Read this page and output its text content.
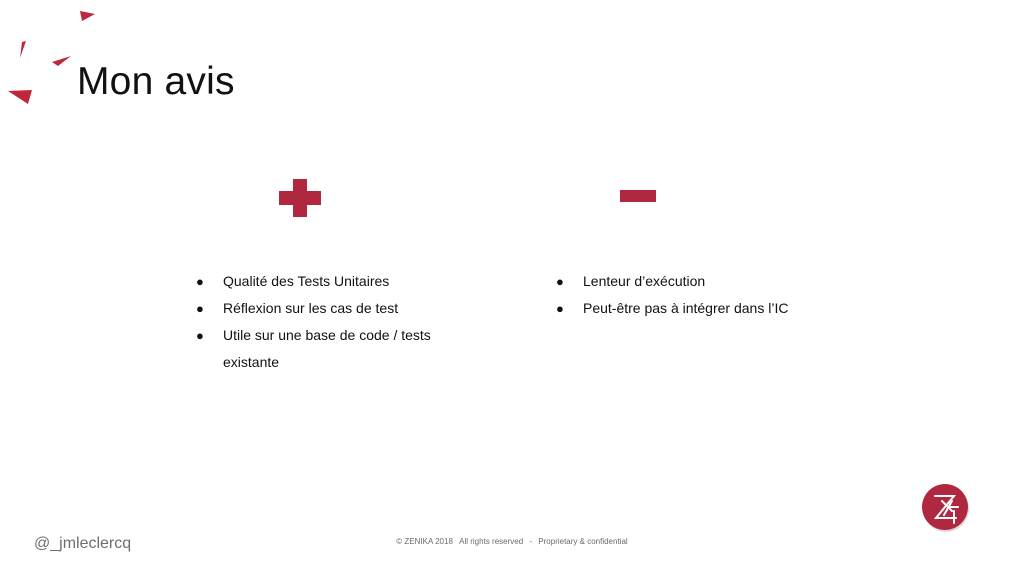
Mon avis
● Qualité des Tests Unitaires
● Réflexion sur les cas de test
● Utile sur une base de code / tests existante
● Lenteur d’exécution
● Peut-être pas à intégrer dans l’IC
@_jmleclercq	© ZENIKA 2018 All rights reserved - Proprietary & confidential
